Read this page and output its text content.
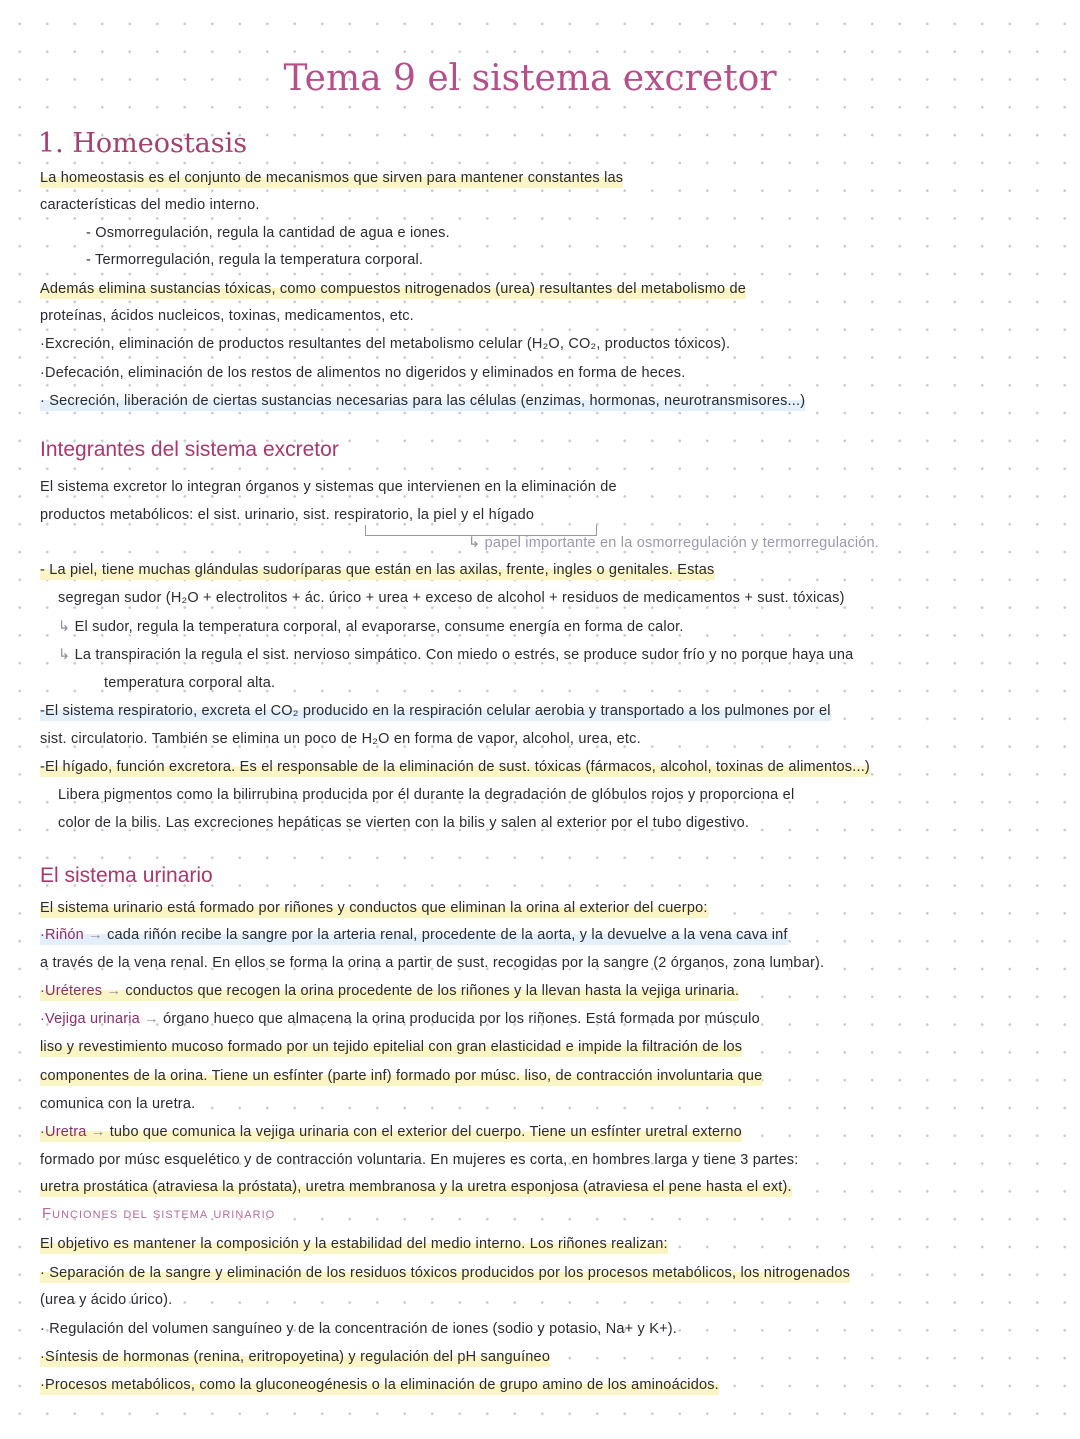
Tema 9 el sistema excretor
1. Homeostasis
La homeostasis es el conjunto de mecanismos que sirven para mantener constantes las
características del medio interno.
- Osmorregulación, regula la cantidad de agua e iones.
- Termorregulación, regula la temperatura corporal.
Además elimina sustancias tóxicas, como compuestos nitrogenados (urea) resultantes del metabolismo de
proteínas, ácidos nucleicos, toxinas, medicamentos, etc.
·Excreción, eliminación de productos resultantes del metabolismo celular (H₂O, CO₂, productos tóxicos).
·Defecación, eliminación de los restos de alimentos no digeridos y eliminados en forma de heces.
· Secreción, liberación de ciertas sustancias necesarias para las células (enzimas, hormonas, neurotransmisores...)
Integrantes del sistema excretor
El sistema excretor lo integran órganos y sistemas que intervienen en la eliminación de
productos metabólicos: el sist. urinario, sist. respiratorio, la piel y el hígado
↳ papel importante en la osmorregulación y termorregulación.
- La piel, tiene muchas glándulas sudoríparas que están en las axilas, frente, ingles o genitales. Estas
segregan sudor (H₂O + electrolitos + ác. úrico + urea + exceso de alcohol + residuos de medicamentos + sust. tóxicas)
↳ El sudor, regula la temperatura corporal, al evaporarse, consume energía en forma de calor.
↳ La transpiración la regula el sist. nervioso simpático. Con miedo o estrés, se produce sudor frío y no porque haya una
temperatura corporal alta.
-El sistema respiratorio, excreta el CO₂ producido en la respiración celular aerobia y transportado a los pulmones por el
sist. circulatorio. También se elimina un poco de H₂O en forma de vapor, alcohol, urea, etc.
-El hígado, función excretora. Es el responsable de la eliminación de sust. tóxicas (fármacos, alcohol, toxinas de alimentos...)
Libera pigmentos como la bilirrubina producida por él durante la degradación de glóbulos rojos y proporciona el
color de la bilis. Las excreciones hepáticas se vierten con la bilis y salen al exterior por el tubo digestivo.
El sistema urinario
El sistema urinario está formado por riñones y conductos que eliminan la orina al exterior del cuerpo:
·Riñón → cada riñón recibe la sangre por la arteria renal, procedente de la aorta, y la devuelve a la vena cava inf
a través de la vena renal. En ellos se forma la orina a partir de sust. recogidas por la sangre (2 órganos, zona lumbar).
·Uréteres → conductos que recogen la orina procedente de los riñones y la llevan hasta la vejiga urinaria.
·Vejiga urinaria → órgano hueco que almacena la orina producida por los riñones. Está formada por músculo
liso y revestimiento mucoso formado por un tejido epitelial con gran elasticidad e impide la filtración de los
componentes de la orina. Tiene un esfínter (parte inf) formado por músc. liso, de contracción involuntaria que
comunica con la uretra.
·Uretra → tubo que comunica la vejiga urinaria con el exterior del cuerpo. Tiene un esfínter uretral externo
formado por músc esquelético y de contracción voluntaria. En mujeres es corta, en hombres larga y tiene 3 partes:
uretra prostática (atraviesa la próstata), uretra membranosa y la uretra esponjosa (atraviesa el pene hasta el ext).
Funciones del sistema urinario
El objetivo es mantener la composición y la estabilidad del medio interno. Los riñones realizan:
· Separación de la sangre y eliminación de los residuos tóxicos producidos por los procesos metabólicos, los nitrogenados
(urea y ácido úrico).
· Regulación del volumen sanguíneo y de la concentración de iones (sodio y potasio, Na+ y K+).
·Síntesis de hormonas (renina, eritropoyetina) y regulación del pH sanguíneo
·Procesos metabólicos, como la gluconeogénesis o la eliminación de grupo amino de los aminoácidos.
